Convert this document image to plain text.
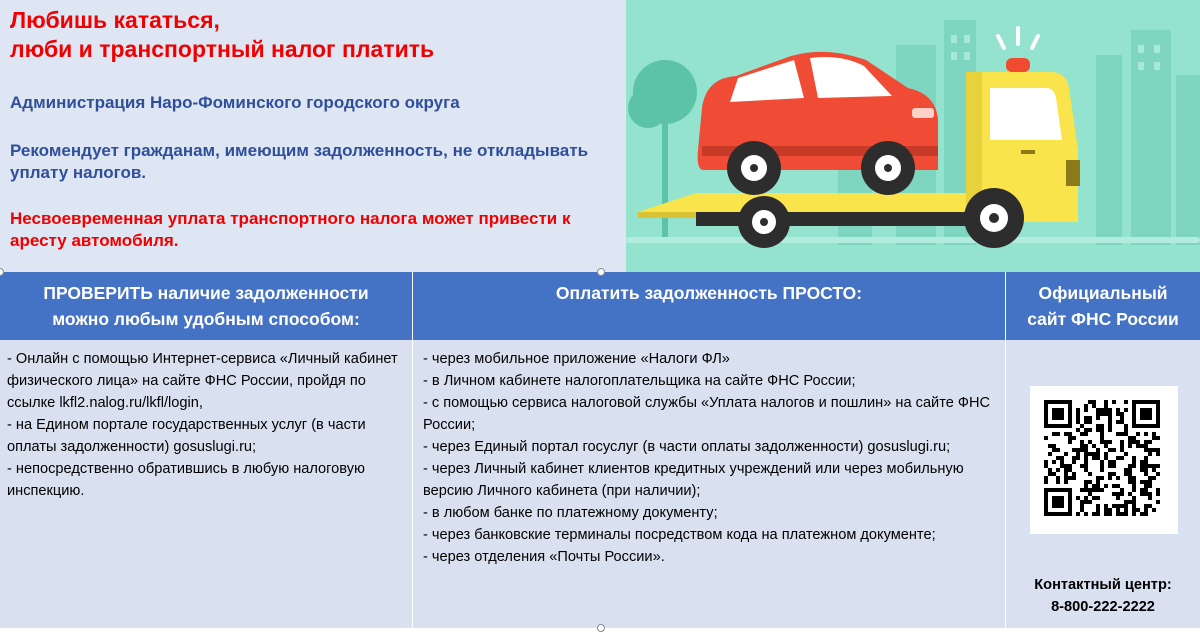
Любишь кататься,
люби и транспортный налог платить
Администрация Наро-Фоминского городского округа
Рекомендует гражданам, имеющим задолженность, не откладывать уплату налогов.
Несвоевременная уплата транспортного налога может привести к аресту автомобиля.
ПРОВЕРИТЬ наличие задолженности
можно любым удобным способом:
Оплатить задолженность ПРОСТО:	Официальный
сайт ФНС России
- Онлайн с помощью Интернет-сервиса «Личный кабинет физического лица» на сайте ФНС России, пройдя по ссылке lkfl2.nalog.ru/lkfl/login,
- на Едином портале государственных услуг (в части оплаты задолженности) gosuslugi.ru;
- непосредственно обратившись в любую налоговую инспекцию.
- через мобильное приложение «Налоги ФЛ»
- в Личном кабинете налогоплательщика на сайте ФНС России;
- с помощью сервиса налоговой службы «Уплата налогов и пошлин» на сайте ФНС России;
- через Единый портал госуслуг (в части оплаты задолженности) gosuslugi.ru;
- через Личный кабинет клиентов кредитных учреждений или через мобильную версию Личного кабинета (при наличии);
- в любом банке по платежному документу;
- через банковские терминалы посредством кода на платежном документе;
- через отделения «Почты России».
Контактный центр:
8-800-222-2222
